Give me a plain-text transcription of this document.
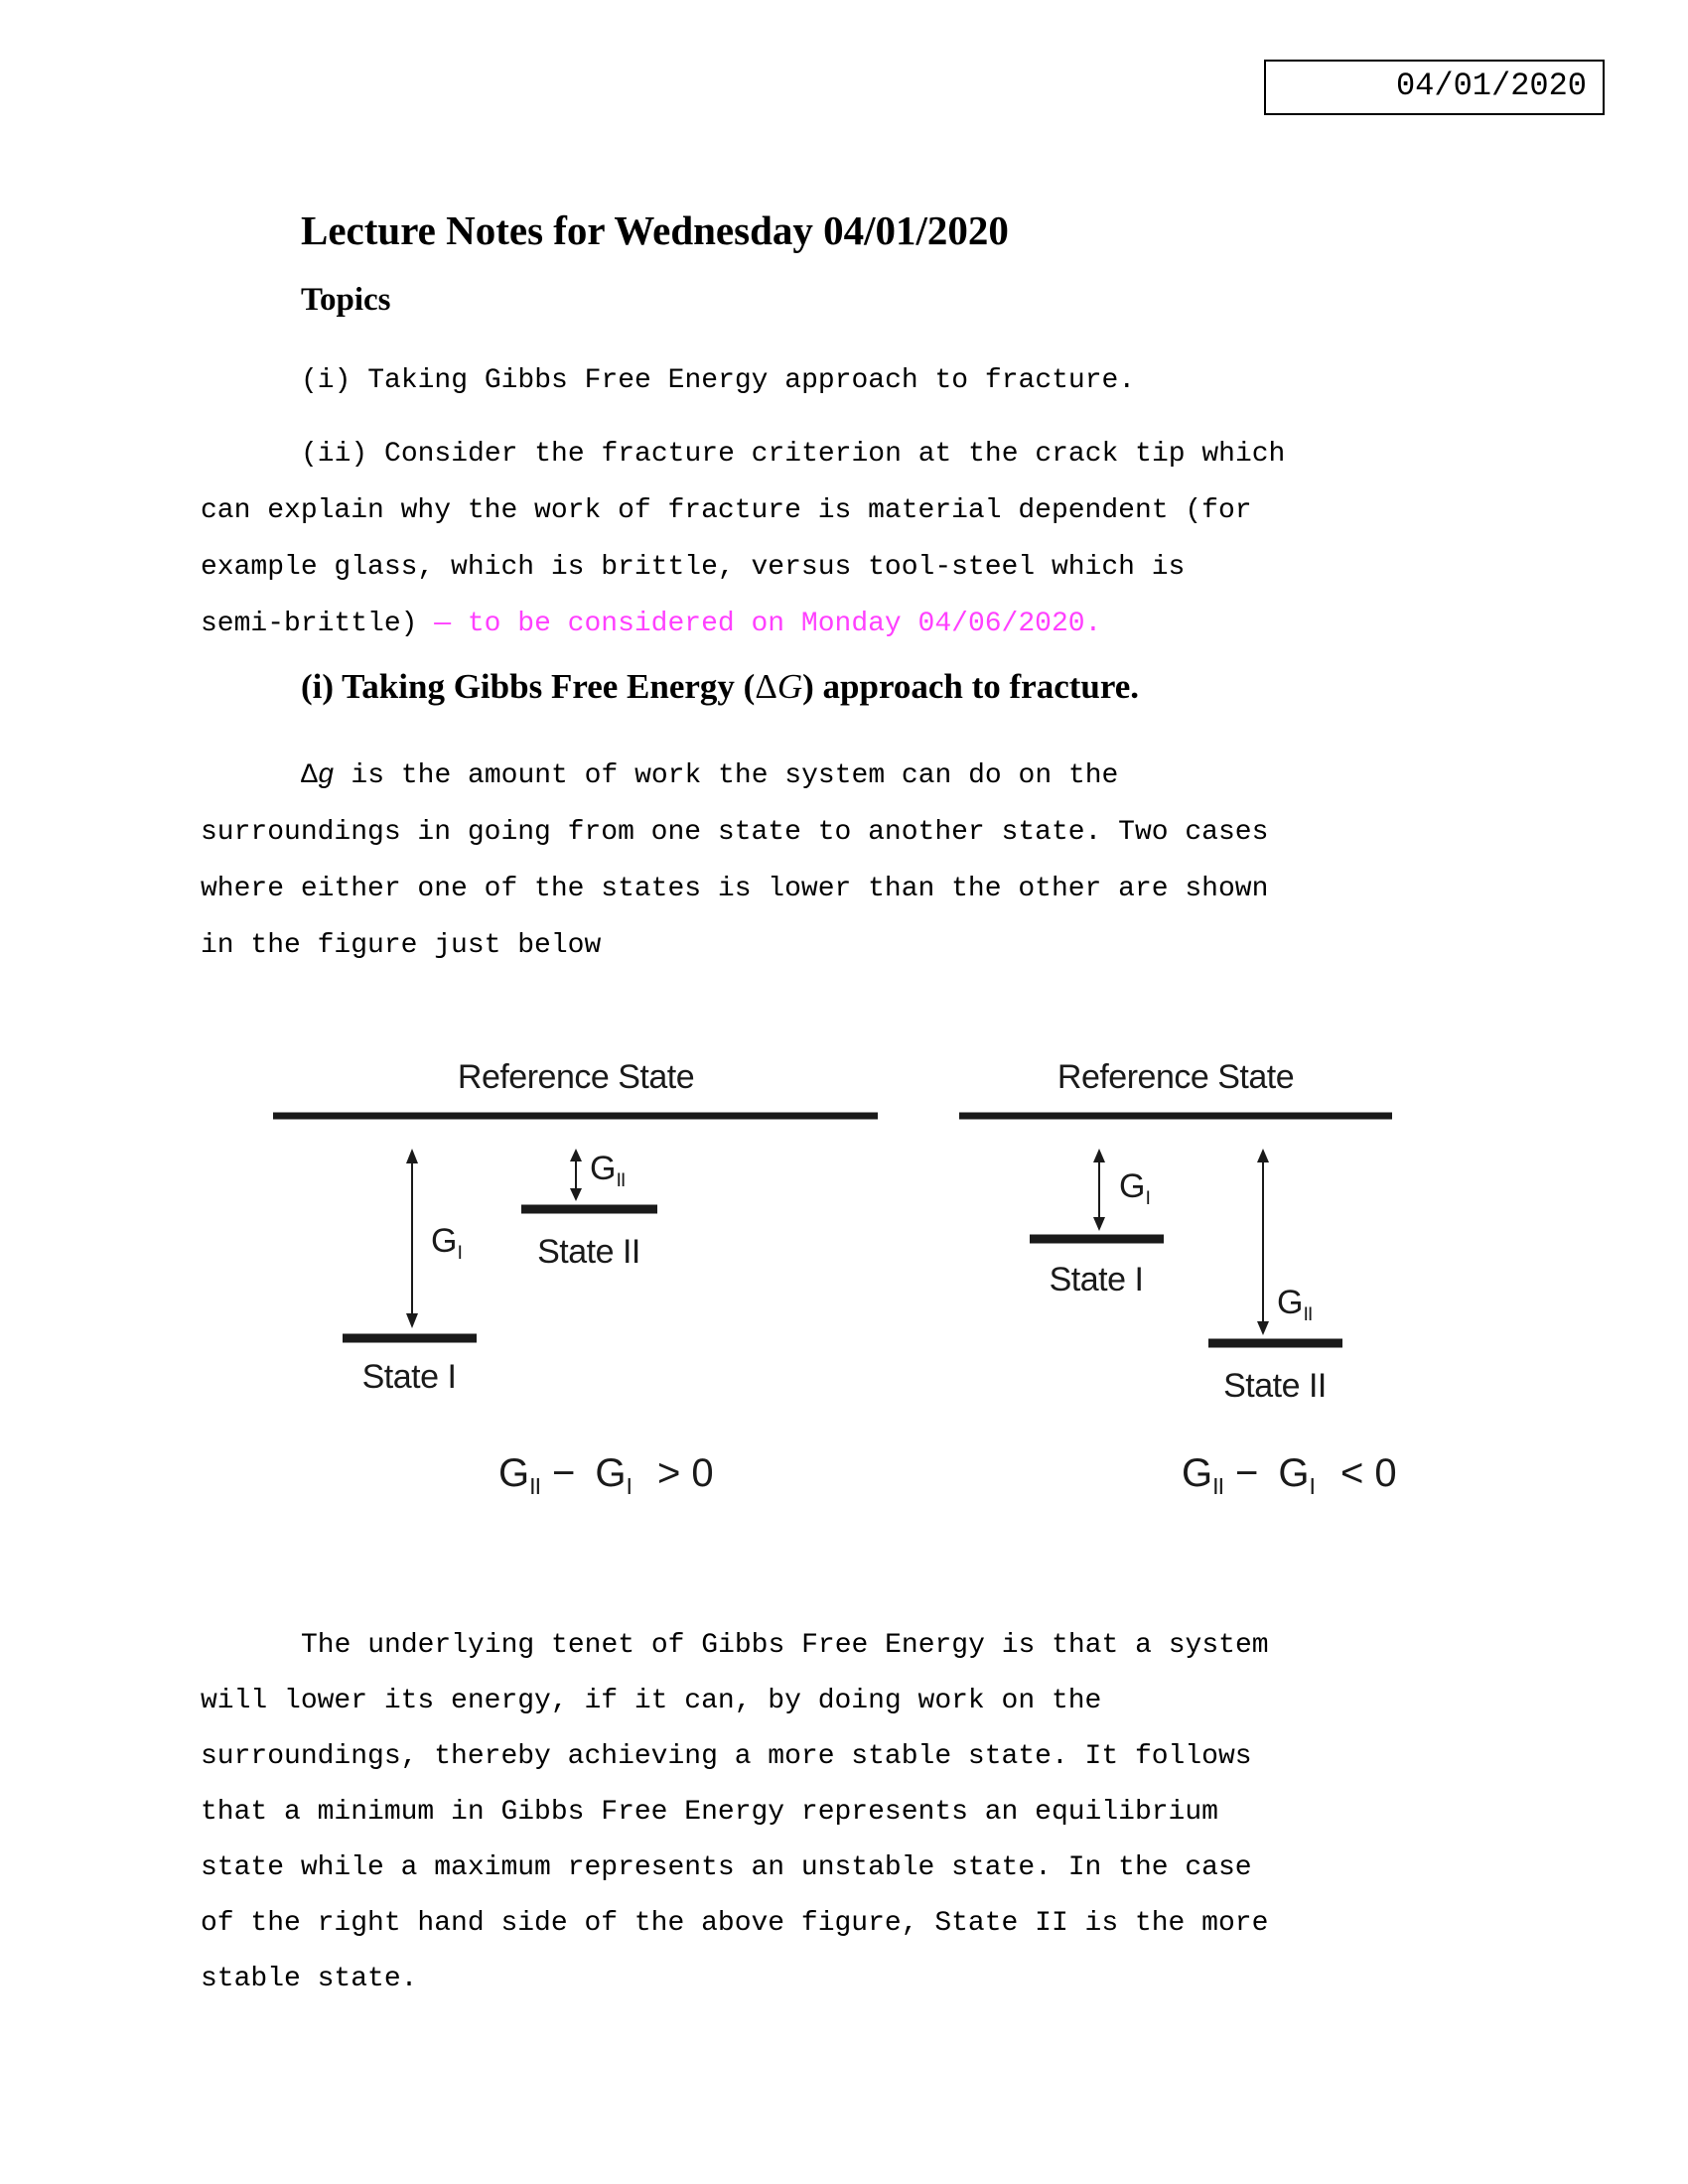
04/01/2020
Lecture Notes for Wednesday 04/01/2020
Topics
(i) Taking Gibbs Free Energy approach to fracture.
(ii) Consider the fracture criterion at the crack tip which
can explain why the work of fracture is material dependent (for
example glass, which is brittle, versus tool-steel which is
semi-brittle) — to be considered on Monday 04/06/2020.
(i) Taking Gibbs Free Energy (ΔG) approach to fracture.
Δg is the amount of work the system can do on the
surroundings in going from one state to another state. Two cases
where either one of the states is lower than the other are shown
in the figure just below
Reference State
$G_I$
$G_{II}$
State I
State II
$G_{II} - G_I > 0$
Reference State
$G_I$
$G_{II}$
State I
State II
$G_{II} - G_I < 0$
The underlying tenet of Gibbs Free Energy is that a system
will lower its energy, if it can, by doing work on the
surroundings, thereby achieving a more stable state. It follows
that a minimum in Gibbs Free Energy represents an equilibrium
state while a maximum represents an unstable state. In the case
of the right hand side of the above figure, State II is the more
stable state.
